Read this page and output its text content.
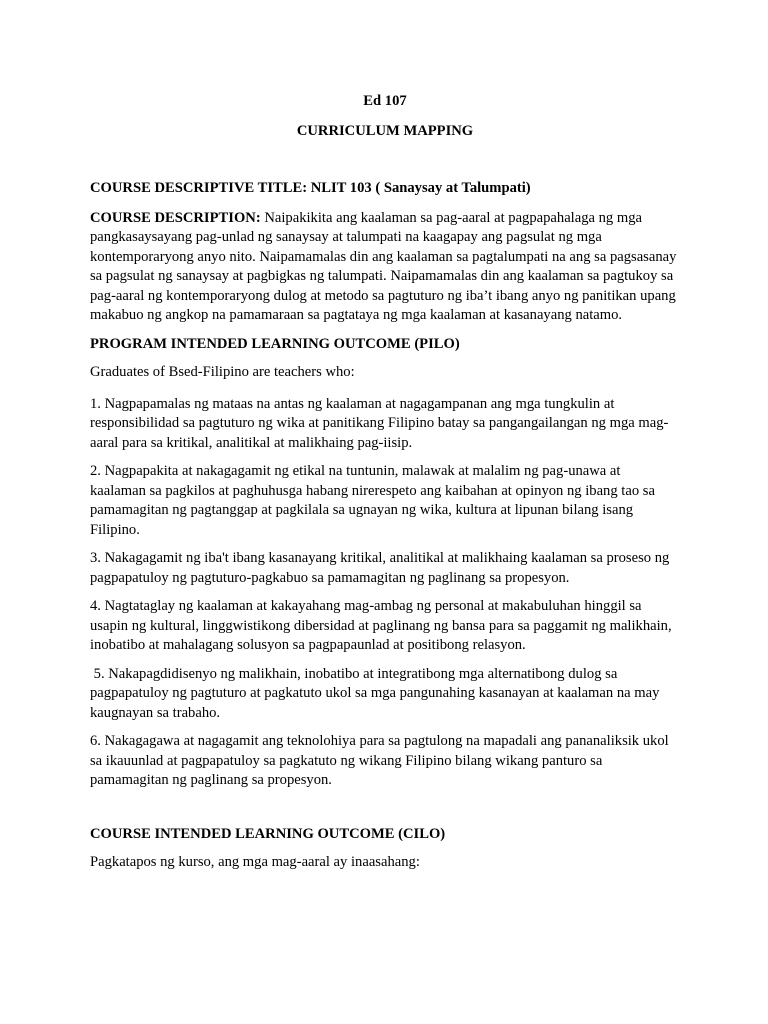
Ed 107

CURRICULUM MAPPING

COURSE DESCRIPTIVE TITLE: NLIT 103 ( Sanaysay at Talumpati)

COURSE DESCRIPTION: Naipakikita ang kaalaman sa pag-aaral at pagpapahalaga ng mga pangkasaysayang pag-unlad ng sanaysay at talumpati na kaagapay ang pagsulat ng mga kontemporaryong anyo nito. Naipamamalas din ang kaalaman sa pagtalumpati na ang sa pagsasanay sa pagsulat ng sanaysay at pagbigkas ng talumpati. Naipamamalas din ang kaalaman sa pagtukoy sa pag-aaral ng kontemporaryong dulog at metodo sa pagtuturo ng iba’t ibang anyo ng panitikan upang makabuo ng angkop na pamamaraan sa pagtataya ng mga kaalaman at kasanayang natamo.

PROGRAM INTENDED LEARNING OUTCOME (PILO)

Graduates of Bsed-Filipino are teachers who:

1. Nagpapamalas ng mataas na antas ng kaalaman at nagagampanan ang mga tungkulin at responsibilidad sa pagtuturo ng wika at panitikang Filipino batay sa pangangailangan ng mga mag-aaral para sa kritikal, analitikal at malikhaing pag-iisip.

2. Nagpapakita at nakagagamit ng etikal na tuntunin, malawak at malalim ng pag-unawa at kaalaman sa pagkilos at paghuhusga habang nirerespeto ang kaibahan at opinyon ng ibang tao sa pamamagitan ng pagtanggap at pagkilala sa ugnayan ng wika, kultura at lipunan bilang isang Filipino.

3. Nakagagamit ng iba't ibang kasanayang kritikal, analitikal at malikhaing kaalaman sa proseso ng pagpapatuloy ng pagtuturo-pagkabuo sa pamamagitan ng paglinang sa propesyon.

4. Nagtataglay ng kaalaman at kakayahang mag-ambag ng personal at makabuluhan hinggil sa usapin ng kultural, linggwistikong dibersidad at paglinang ng bansa para sa paggamit ng malikhain, inobatibo at mahalagang solusyon sa pagpapaunlad at positibong relasyon.

5. Nakapagdidisenyo ng malikhain, inobatibo at integratibong mga alternatibong dulog sa pagpapatuloy ng pagtuturo at pagkatuto ukol sa mga pangunahing kasanayan at kaalaman na may kaugnayan sa trabaho.

6. Nakagagawa at nagagamit ang teknolohiya para sa pagtulong na mapadali ang pananaliksik ukol sa ikauunlad at pagpapatuloy sa pagkatuto ng wikang Filipino bilang wikang panturo sa pamamagitan ng paglinang sa propesyon.

COURSE INTENDED LEARNING OUTCOME (CILO)

Pagkatapos ng kurso, ang mga mag-aaral ay inaasahang:
